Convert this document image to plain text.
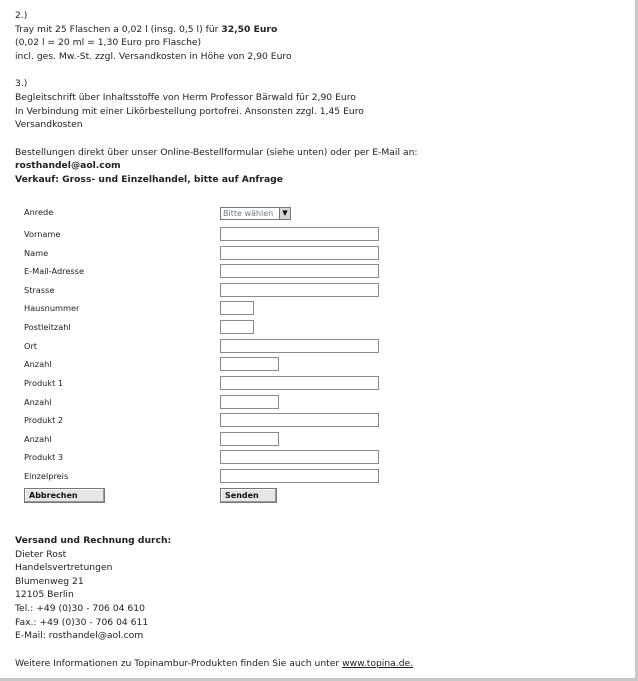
2.)
Tray mit 25 Flaschen a 0,02 l (insg. 0,5 l) für 32,50 Euro
(0,02 l = 20 ml = 1,30 Euro pro Flasche)
incl. ges. Mw.-St. zzgl. Versandkosten in Höhe von 2,90 Euro
3.)
Begleitschrift über Inhaltsstoffe von Herm Professor Bärwald für 2,90 Euro
In Verbindung mit einer Likörbestellung portofrei. Ansonsten zzgl. 1,45 Euro
Versandkosten
Bestellungen direkt über unser Online-Bestellformular (siehe unten) oder per E-Mail an:
rosthandel@aol.com
Verkauf: Gross- und Einzelhandel, bitte auf Anfrage
Anrede	Bitte wählen	▼
Vorname
Name
E-Mail-Adresse
Strasse
Hausnummer
Postleitzahl
Ort
Anzahl
Produkt 1
Anzahl
Produkt 2
Anzahl
Produkt 3
Einzelpreis
Abbrechen	Senden
Versand und Rechnung durch:
Dieter Rost
Handelsvertretungen
Blumenweg 21
12105 Berlin
Tel.: +49 (0)30 - 706 04 610
Fax.: +49 (0)30 - 706 04 611
E-Mail: rosthandel@aol.com
Weitere Informationen zu Topinambur-Produkten finden Sie auch unter www.topina.de.
